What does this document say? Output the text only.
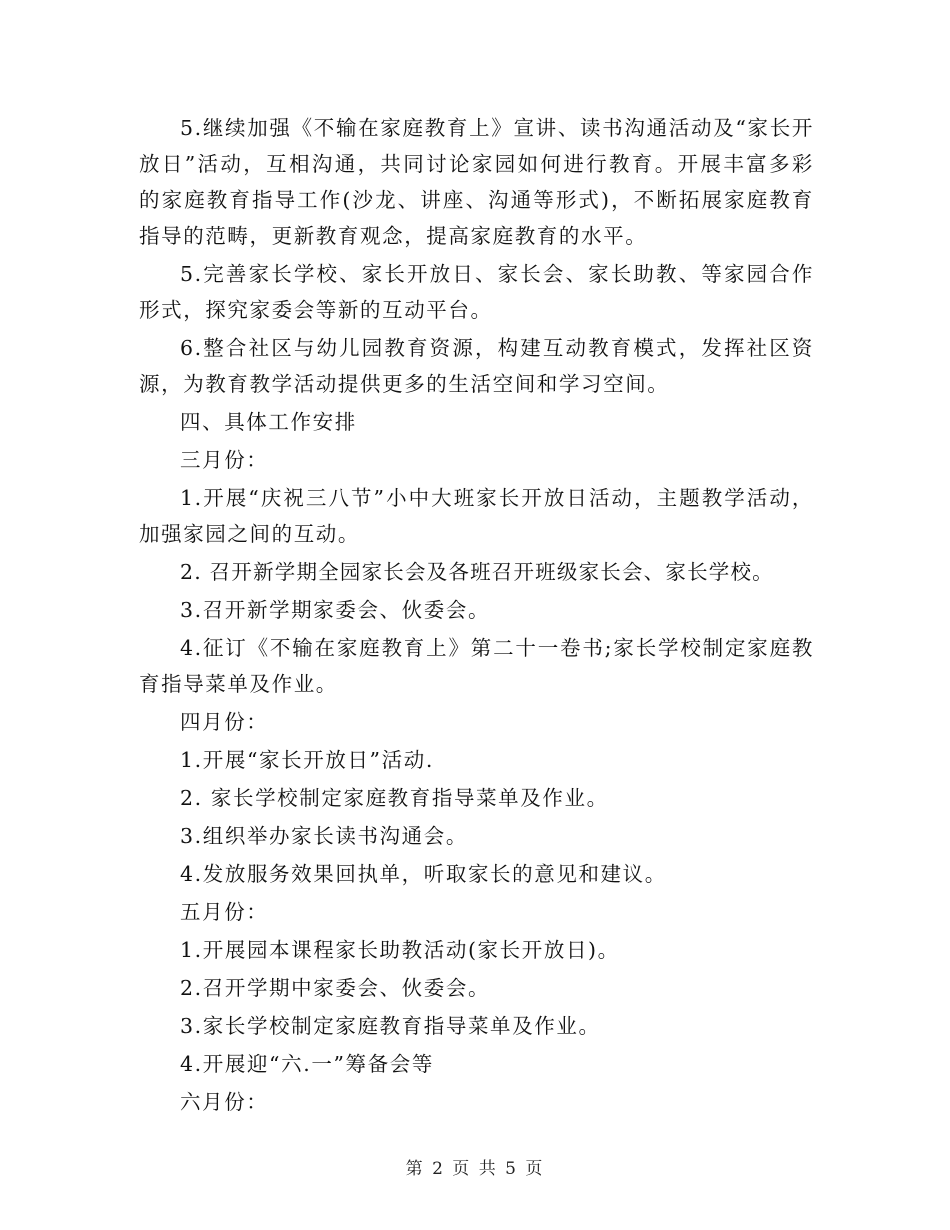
5.继续加强《不输在家庭教育上》宣讲、读书沟通活动及“家长开放日”活动，互相沟通，共同讨论家园如何进行教育。开展丰富多彩的家庭教育指导工作(沙龙、讲座、沟通等形式)，不断拓展家庭教育指导的范畴，更新教育观念，提高家庭教育的水平。

5.完善家长学校、家长开放日、家长会、家长助教、等家园合作形式，探究家委会等新的互动平台。

6.整合社区与幼儿园教育资源，构建互动教育模式，发挥社区资源，为教育教学活动提供更多的生活空间和学习空间。

四、具体工作安排

三月份：

1.开展“庆祝三八节”小中大班家长开放日活动，主题教学活动，加强家园之间的互动。

2. 召开新学期全园家长会及各班召开班级家长会、家长学校。

3.召开新学期家委会、伙委会。

4.征订《不输在家庭教育上》第二十一卷书;家长学校制定家庭教育指导菜单及作业。

四月份：

1.开展“家长开放日”活动.

2. 家长学校制定家庭教育指导菜单及作业。

3.组织举办家长读书沟通会。

4.发放服务效果回执单，听取家长的意见和建议。

五月份：

1.开展园本课程家长助教活动(家长开放日)。

2.召开学期中家委会、伙委会。

3.家长学校制定家庭教育指导菜单及作业。

4.开展迎“六.一”筹备会等

六月份：

第 2 页 共 5 页
